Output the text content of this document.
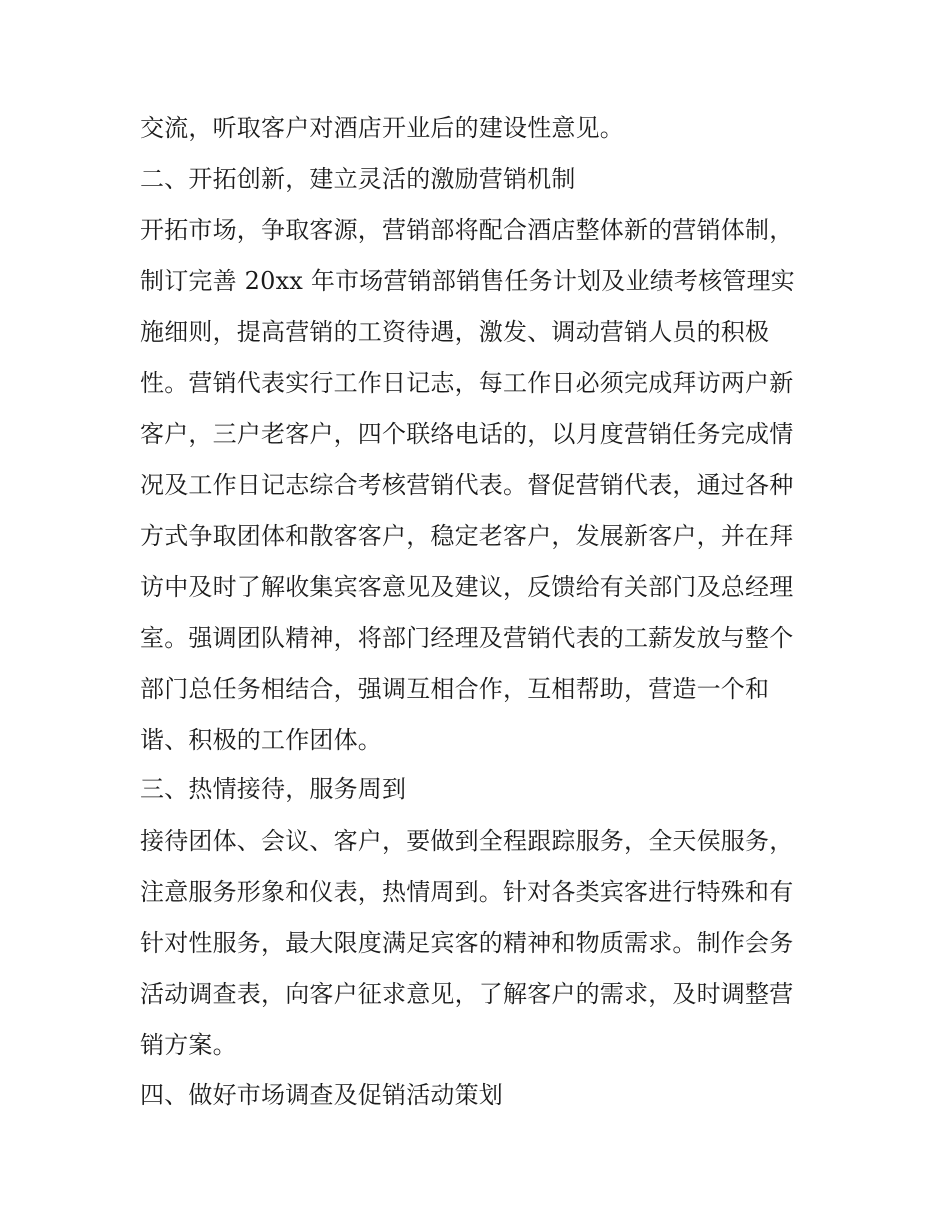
交流，听取客户对酒店开业后的建设性意见。
二、开拓创新，建立灵活的激励营销机制
开拓市场，争取客源，营销部将配合酒店整体新的营销体制，
制订完善 20xx 年市场营销部销售任务计划及业绩考核管理实
施细则，提高营销的工资待遇，激发、调动营销人员的积极
性。营销代表实行工作日记志，每工作日必须完成拜访两户新
客户，三户老客户，四个联络电话的，以月度营销任务完成情
况及工作日记志综合考核营销代表。督促营销代表，通过各种
方式争取团体和散客客户，稳定老客户，发展新客户，并在拜
访中及时了解收集宾客意见及建议，反馈给有关部门及总经理
室。强调团队精神，将部门经理及营销代表的工薪发放与整个
部门总任务相结合，强调互相合作，互相帮助，营造一个和
谐、积极的工作团体。
三、热情接待，服务周到
接待团体、会议、客户，要做到全程跟踪服务，全天侯服务，
注意服务形象和仪表，热情周到。针对各类宾客进行特殊和有
针对性服务，最大限度满足宾客的精神和物质需求。制作会务
活动调查表，向客户征求意见，了解客户的需求，及时调整营
销方案。
四、做好市场调查及促销活动策划
